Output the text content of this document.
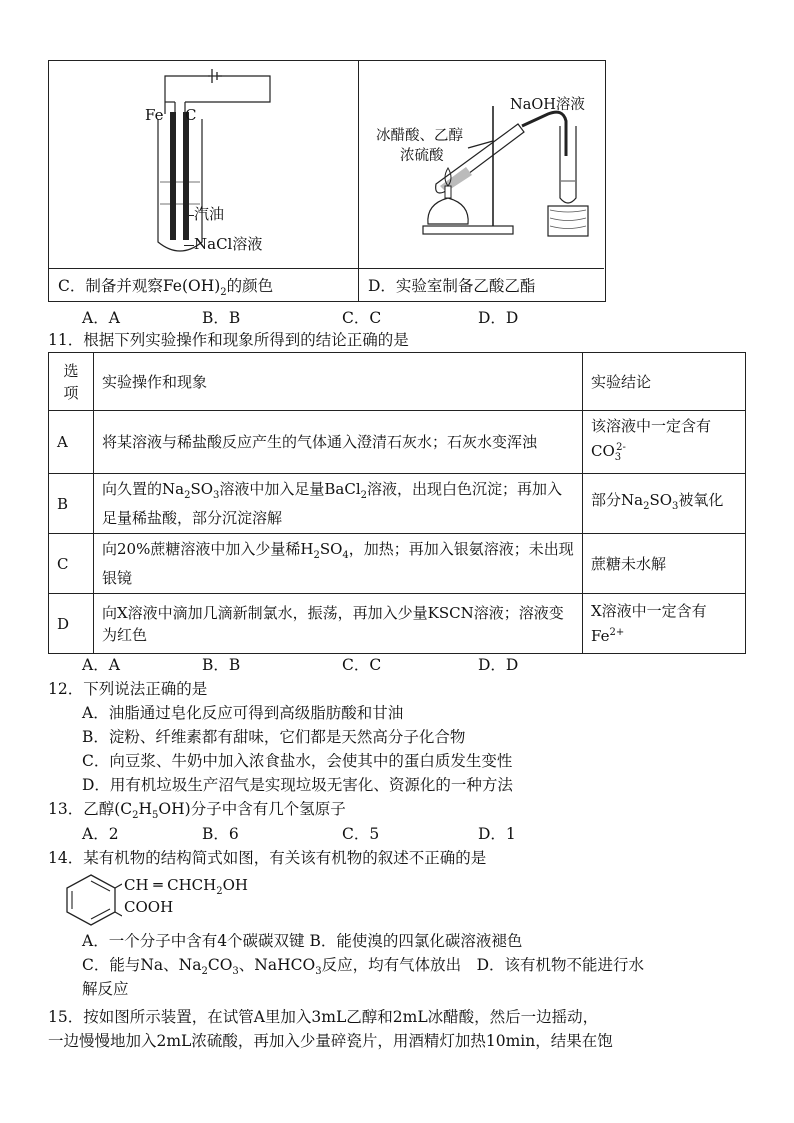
Fe C
汽油
NaCl溶液
NaOH溶液
冰醋酸、乙醇
浓硫酸
C．制备并观察$Fe(OH)_2$的颜色	D．实验室制备乙酸乙酯
A．A	B．B	C．C	D．D
11．根据下列实验操作和现象所得到的结论正确的是
选
项	实验操作和现象	实验结论
A	将某溶液与稀盐酸反应产生的气体通入澄清石灰水；石灰水变浑浊	该溶液中一定含有$CO_3^{2-}$
B	向久置的$Na_2SO_3$溶液中加入足量BaCl$_2$溶液，出现白色沉淀；再加入足量稀盐酸，部分沉淀溶解	部分$Na_2SO_3$被氧化
C	向20%蔗糖溶液中加入少量稀$H_2SO_4$，加热；再加入银氨溶液；未出现银镜	蔗糖未水解
D	向X溶液中滴加几滴新制氯水，振荡，再加入少量KSCN溶液；溶液变为红色	X溶液中一定含有$Fe^{2+}$
A．A	B．B	C．C	D．D
12．下列说法正确的是
A．油脂通过皂化反应可得到高级脂肪酸和甘油
B．淀粉、纤维素都有甜味，它们都是天然高分子化合物
C．向豆浆、牛奶中加入浓食盐水，会使其中的蛋白质发生变性
D．用有机垃圾生产沼气是实现垃圾无害化、资源化的一种方法
13．乙醇$(C_2H_5OH)$分子中含有几个氢原子
A．2	B．6	C．5	D．1
14．某有机物的结构简式如图，有关该有机物的叙述不正确的是
CH ═ $CHCH_2OH$
COOH
A．一个分子中含有4个碳碳双键 B．能使溴的四氯化碳溶液褪色
C．能与Na、$Na_2CO_3$、NaHCO$_3$反应，均有气体放出　D．该有机物不能进行水
解反应
15．按如图所示装置，在试管A里加入3mL乙醇和2mL冰醋酸，然后一边摇动，
一边慢慢地加入2mL浓硫酸，再加入少量碎瓷片，用酒精灯加热10min，结果在饱
